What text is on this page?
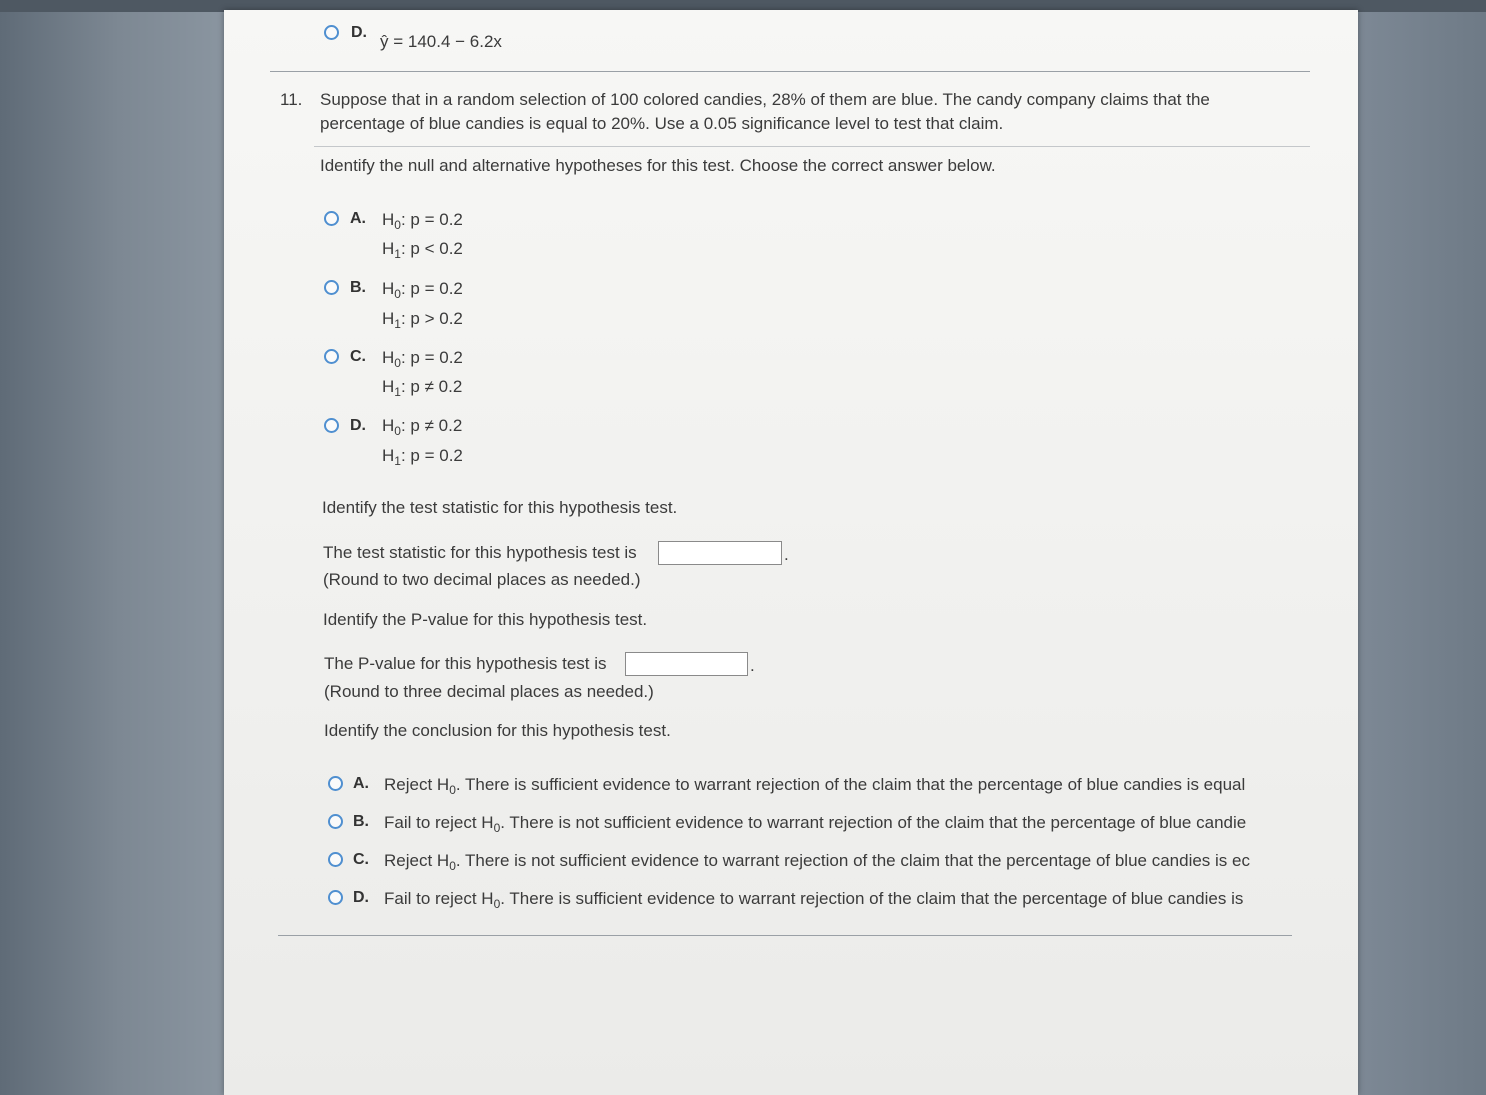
D. ŷ = 140.4 − 6.2x
11. Suppose that in a random selection of 100 colored candies, 28% of them are blue. The candy company claims that the
percentage of blue candies is equal to 20%. Use a 0.05 significance level to test that claim.
Identify the null and alternative hypotheses for this test. Choose the correct answer below.
A. $H_0$: p = 0.2
$H_1$: p < 0.2
B. $H_0$: p = 0.2
$H_1$: p > 0.2
C. $H_0$: p = 0.2
$H_1$: p ≠ 0.2
D. $H_0$: p ≠ 0.2
$H_1$: p = 0.2
Identify the test statistic for this hypothesis test.
The test statistic for this hypothesis test is	.
(Round to two decimal places as needed.)
Identify the P-value for this hypothesis test.
The P-value for this hypothesis test is	.
(Round to three decimal places as needed.)
Identify the conclusion for this hypothesis test.
A. Reject $H_0$. There is sufficient evidence to warrant rejection of the claim that the percentage of blue candies is equal
B. Fail to reject $H_0$. There is not sufficient evidence to warrant rejection of the claim that the percentage of blue candie
C. Reject $H_0$. There is not sufficient evidence to warrant rejection of the claim that the percentage of blue candies is ec
D. Fail to reject $H_0$. There is sufficient evidence to warrant rejection of the claim that the percentage of blue candies is
